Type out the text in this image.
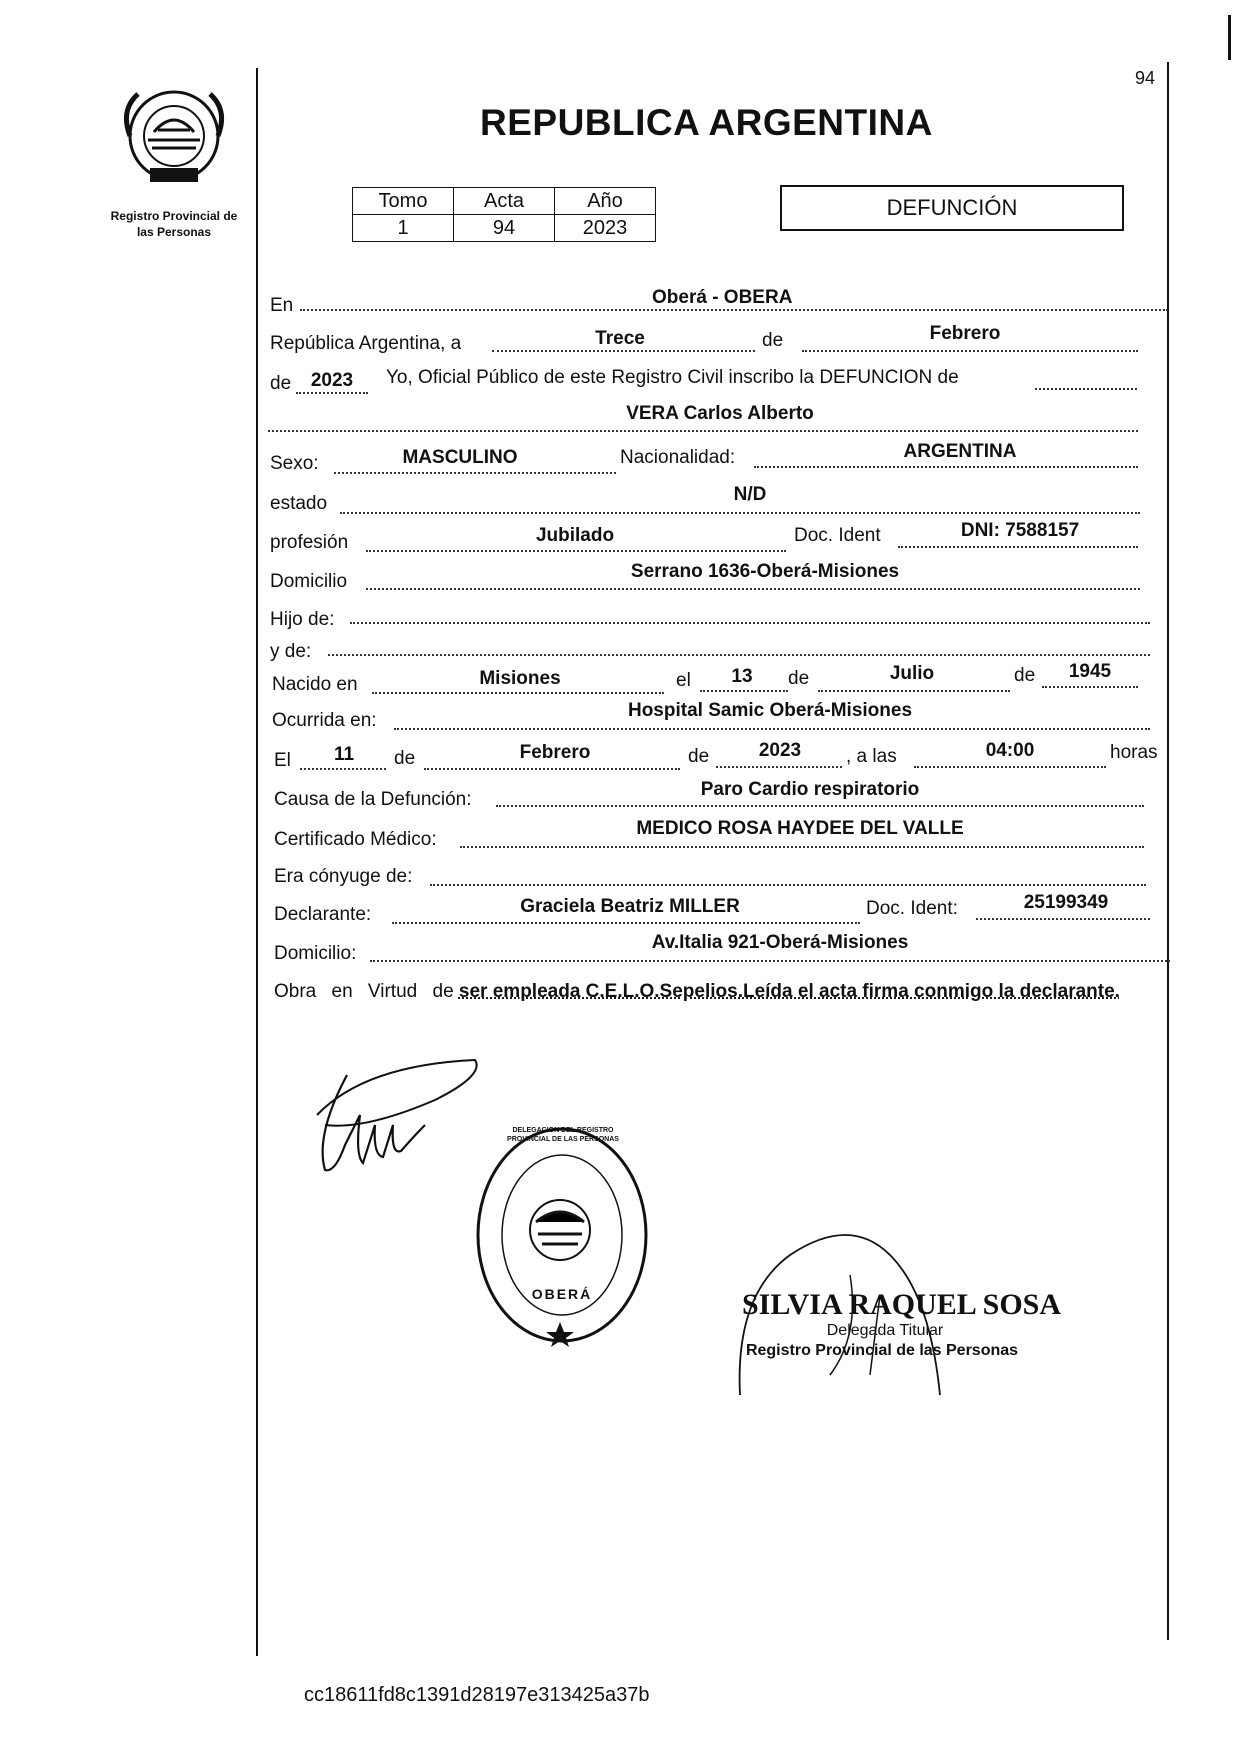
94
Registro Provincial de
las Personas
REPUBLICA ARGENTINA
Tomo	Acta	Año
1	94	2023
DEFUNCIÓN
En	Oberá - OBERA
República Argentina, a	Trece	de	Febrero
de	2023	Yo, Oficial Público de este Registro Civil inscribo la DEFUNCION de
VERA Carlos Alberto
Sexo:	MASCULINO	Nacionalidad:	ARGENTINA
estado	N/D
profesión	Jubilado	Doc. Ident	DNI: 7588157
Domicilio	Serrano 1636-Oberá-Misiones
Hijo de:
y de:
Nacido en	Misiones	el	13	de	Julio	de	1945
Ocurrida en:	Hospital Samic Oberá-Misiones
El	11	de	Febrero	de	2023	, a las	04:00	horas
Causa de la Defunción:	Paro Cardio respiratorio
Certificado Médico:
MEDICO ROSA HAYDEE DEL VALLE
Era cónyuge de:
Declarante:	Graciela Beatriz MILLER	Doc. Ident:	25199349
Domicilio:
Av.Italia 921-Oberá-Misiones
Obra en Virtud de ser empleada C.E.L.O.Sepelios.Leída el acta firma conmigo la declarante.
DELEGACION DEL REGISTRO PROVINCIAL DE LAS PERSONAS
OBERÁ	SILVIA RAQUEL SOSA
Delegada Titular
Registro Provincial de las Personas
cc18611fd8c1391d28197e313425a37b
